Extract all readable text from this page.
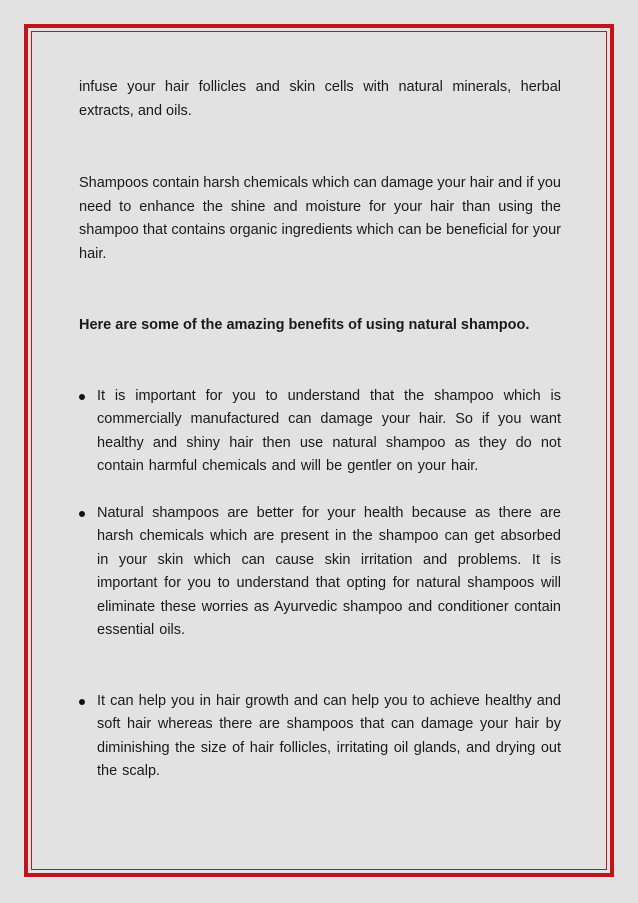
infuse your hair follicles and skin cells with natural minerals, herbal extracts, and oils.

Shampoos contain harsh chemicals which can damage your hair and if you need to enhance the shine and moisture for your hair than using the shampoo that contains organic ingredients which can be beneficial for your hair.

Here are some of the amazing benefits of using natural shampoo.

It is important for you to understand that the shampoo which is commercially manufactured can damage your hair. So if you want healthy and shiny hair then use natural shampoo as they do not contain harmful chemicals and will be gentler on your hair.
Natural shampoos are better for your health because as there are harsh chemicals which are present in the shampoo can get absorbed in your skin which can cause skin irritation and problems. It is important for you to understand that opting for natural shampoos will eliminate these worries as Ayurvedic shampoo and conditioner contain essential oils.
It can help you in hair growth and can help you to achieve healthy and soft hair whereas there are shampoos that can damage your hair by diminishing the size of hair follicles, irritating oil glands, and drying out the scalp.
